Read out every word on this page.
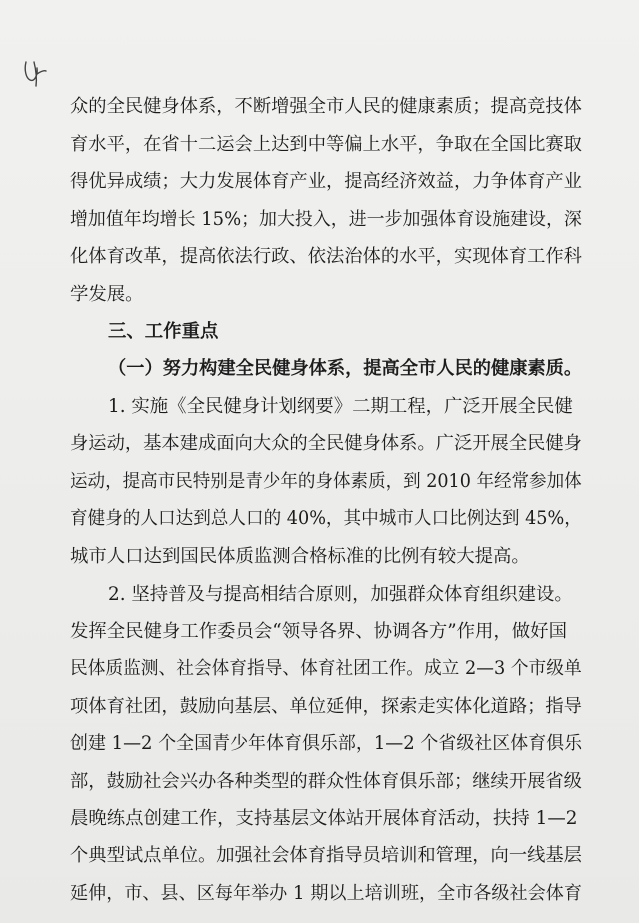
众的全民健身体系，不断增强全市人民的健康素质；提高竞技体
育水平，在省十二运会上达到中等偏上水平，争取在全国比赛取
得优异成绩；大力发展体育产业，提高经济效益，力争体育产业
增加值年均增长 15%；加大投入，进一步加强体育设施建设，深
化体育改革，提高依法行政、依法治体的水平，实现体育工作科
学发展。
三、工作重点
（一）努力构建全民健身体系，提高全市人民的健康素质。
1. 实施《全民健身计划纲要》二期工程，广泛开展全民健
身运动，基本建成面向大众的全民健身体系。广泛开展全民健身
运动，提高市民特别是青少年的身体素质，到 2010 年经常参加体
育健身的人口达到总人口的 40%，其中城市人口比例达到 45%，
城市人口达到国民体质监测合格标准的比例有较大提高。
2. 坚持普及与提高相结合原则，加强群众体育组织建设。
发挥全民健身工作委员会“领导各界、协调各方”作用，做好国
民体质监测、社会体育指导、体育社团工作。成立 2—3 个市级单
项体育社团，鼓励向基层、单位延伸，探索走实体化道路；指导
创建 1—2 个全国青少年体育俱乐部，1—2 个省级社区体育俱乐
部，鼓励社会兴办各种类型的群众性体育俱乐部；继续开展省级
晨晚练点创建工作，支持基层文体站开展体育活动，扶持 1—2
个典型试点单位。加强社会体育指导员培训和管理，向一线基层
延伸，市、县、区每年举办 1 期以上培训班，全市各级社会体育
